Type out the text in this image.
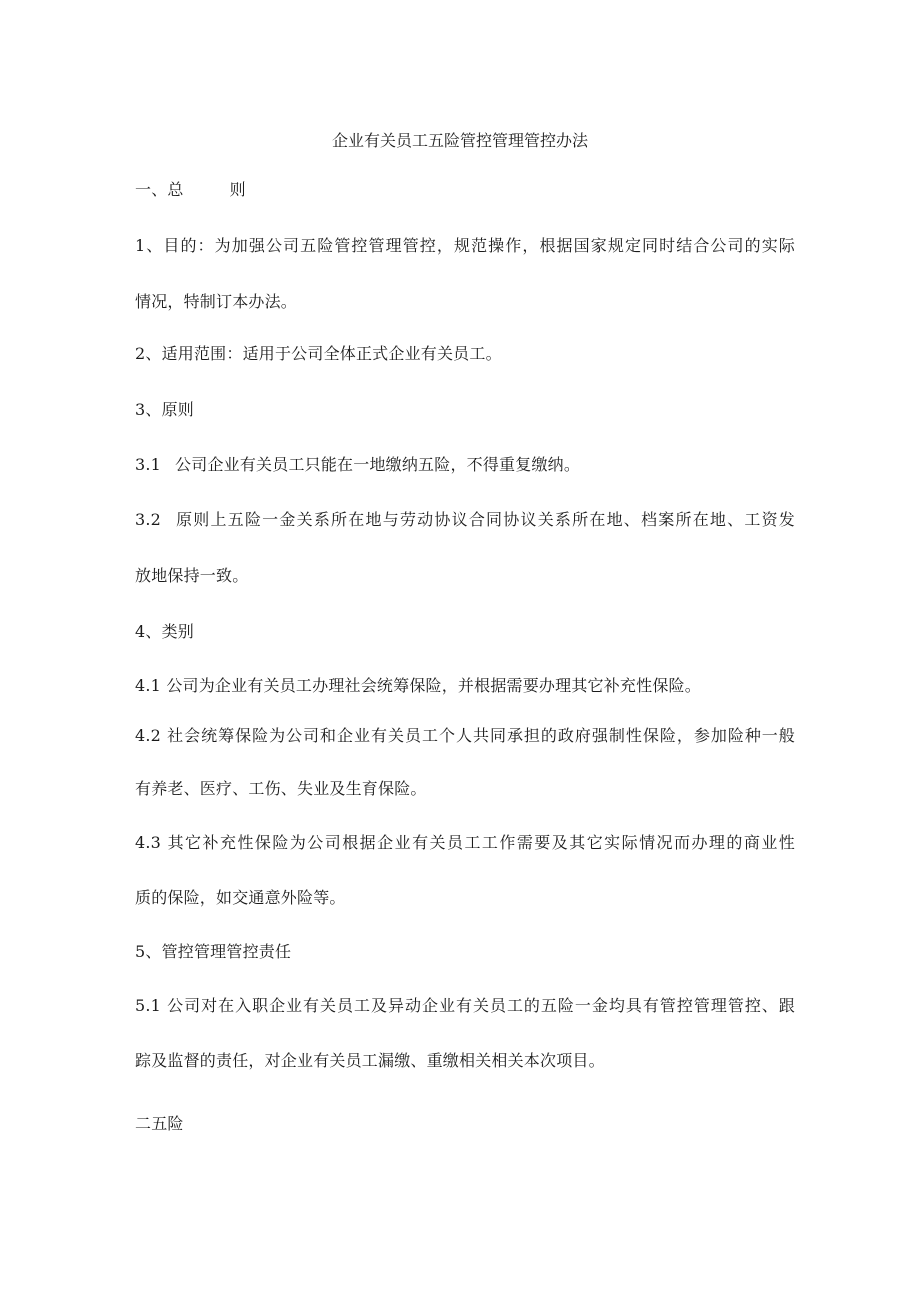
企业有关员工五险管控管理管控办法
一、总	则
1、目的：为加强公司五险管控管理管控，规范操作，根据国家规定同时结合公司的实际
情况，特制订本办法。
2、适用范围：适用于公司全体正式企业有关员工。
3、原则
3.1 公司企业有关员工只能在一地缴纳五险，不得重复缴纳。
3.2 原则上五险一金关系所在地与劳动协议合同协议关系所在地、档案所在地、工资发
放地保持一致。
4、类别
4.1 公司为企业有关员工办理社会统筹保险，并根据需要办理其它补充性保险。
4.2 社会统筹保险为公司和企业有关员工个人共同承担的政府强制性保险，参加险种一般
有养老、医疗、工伤、失业及生育保险。
4.3 其它补充性保险为公司根据企业有关员工工作需要及其它实际情况而办理的商业性
质的保险，如交通意外险等。
5、管控管理管控责任
5.1 公司对在入职企业有关员工及异动企业有关员工的五险一金均具有管控管理管控、跟
踪及监督的责任，对企业有关员工漏缴、重缴相关相关本次项目。
二五险
